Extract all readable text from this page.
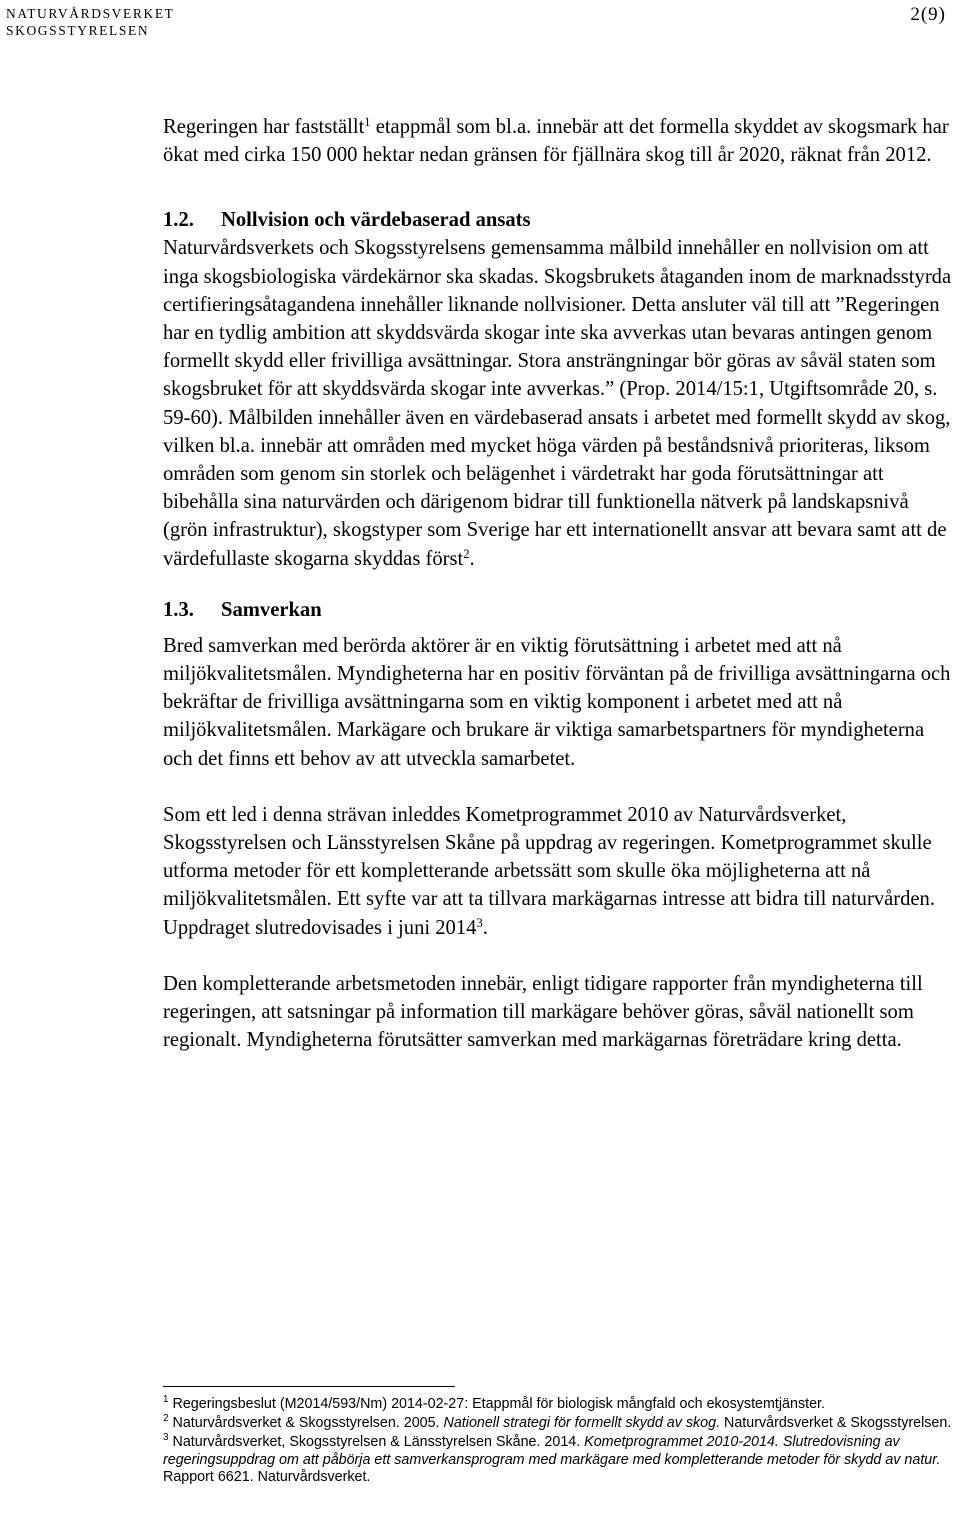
NATURVÅRDSVERKET
SKOGSSTYRELSEN
2(9)

Regeringen har fastställt$^1$ etappmål som bl.a. innebär att det formella skyddet av skogsmark har ökat med cirka 150 000 hektar nedan gränsen för fjällnära skog till år 2020, räknat från 2012.

1.2. Nollvision och värdebaserad ansats

Naturvårdsverkets och Skogsstyrelsens gemensamma målbild innehåller en nollvision om att inga skogsbiologiska värdekärnor ska skadas. Skogsbrukets åtaganden inom de marknadsstyrda certifieringsåtagandena innehåller liknande nollvisioner. Detta ansluter väl till att ”Regeringen har en tydlig ambition att skyddsvärda skogar inte ska avverkas utan bevaras antingen genom formellt skydd eller frivilliga avsättningar. Stora ansträngningar bör göras av såväl staten som skogsbruket för att skyddsvärda skogar inte avverkas.” (Prop. 2014/15:1, Utgiftsområde 20, s. 59-60). Målbilden innehåller även en värdebaserad ansats i arbetet med formellt skydd av skog, vilken bl.a. innebär att områden med mycket höga värden på beståndsnivå prioriteras, liksom områden som genom sin storlek och belägenhet i värdetrakt har goda förutsättningar att bibehålla sina naturvärden och därigenom bidrar till funktionella nätverk på landskapsnivå (grön infrastruktur), skogstyper som Sverige har ett internationellt ansvar att bevara samt att de värdefullaste skogarna skyddas först$^2$.

1.3. Samverkan

Bred samverkan med berörda aktörer är en viktig förutsättning i arbetet med att nå miljökvalitetsmålen. Myndigheterna har en positiv förväntan på de frivilliga avsättningarna och bekräftar de frivilliga avsättningarna som en viktig komponent i arbetet med att nå miljökvalitetsmålen. Markägare och brukare är viktiga samarbetspartners för myndigheterna och det finns ett behov av att utveckla samarbetet.

Som ett led i denna strävan inleddes Kometprogrammet 2010 av Naturvårdsverket, Skogsstyrelsen och Länsstyrelsen Skåne på uppdrag av regeringen. Kometprogrammet skulle utforma metoder för ett kompletterande arbetssätt som skulle öka möjligheterna att nå miljökvalitetsmålen. Ett syfte var att ta tillvara markägarnas intresse att bidra till naturvården. Uppdraget slutredovisades i juni 2014$^3$.

Den kompletterande arbetsmetoden innebär, enligt tidigare rapporter från myndigheterna till regeringen, att satsningar på information till markägare behöver göras, såväl nationellt som regionalt. Myndigheterna förutsätter samverkan med markägarnas företrädare kring detta.

$^1$ Regeringsbeslut (M2014/593/Nm) 2014-02-27: Etappmål för biologisk mångfald och ekosystemtjänster.

$^2$ Naturvårdsverket & Skogsstyrelsen. 2005. Nationell strategi för formellt skydd av skog. Naturvårdsverket & Skogsstyrelsen.

$^3$ Naturvårdsverket, Skogsstyrelsen & Länsstyrelsen Skåne. 2014. Kometprogrammet 2010-2014. Slutredovisning av regeringsuppdrag om att påbörja ett samverkansprogram med markägare med kompletterande metoder för skydd av natur. Rapport 6621. Naturvårdsverket.
